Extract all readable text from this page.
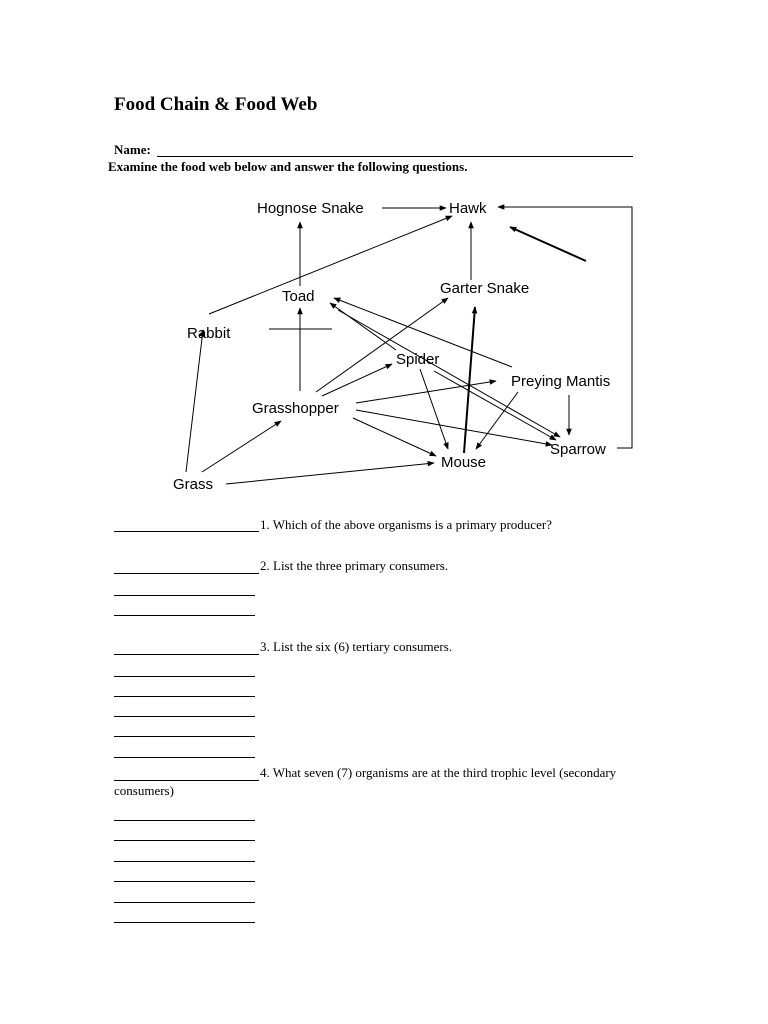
Food Chain & Food Web
Name:
Examine the food web below and answer the following questions.
Hognose Snake	Hawk
Toad	Garter Snake
Rabbit
Spider
Preying Mantis
Grasshopper
Sparrow
Mouse
Grass
1. Which of the above organisms is a primary producer?
2. List the three primary consumers.
3. List the six (6) tertiary consumers.
4. What seven (7) organisms are at the third trophic level (secondary
consumers)
